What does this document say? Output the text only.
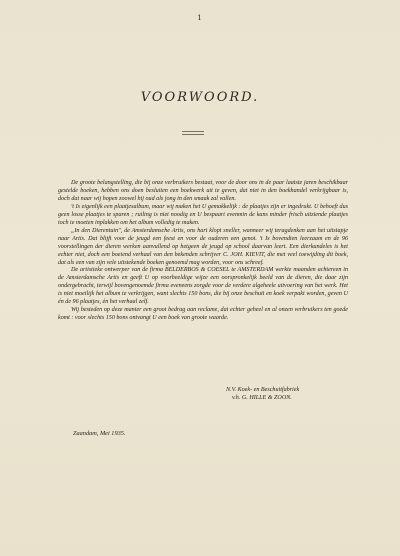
1
VOORWOORD.

De groote belangstelling, die bij onze verbruikers bestaat, voor de door ons in de paar laatste jaren beschikbaar gestelde boeken, hebben ons doen besluiten een boekwerk uit te geven, dat niet in den boekhandel verkrijgbaar is, doch dat naar wij hopen zoowel bij oud als jong in den smaak zal vallen.

't Is eigenlijk een plaatjesalbum, maar wij maken het U gemakkelijk : de plaatjes zijn er ingedrukt. U behoeft dus geen losse plaatjes te sparen ; ruiling is niet noodig en U bespaart evenmin de kans minder frisch uitziende plaatjes toch te moeten inplakken om het album volledig te maken.

„In den Dierentuin", de Amsterdamsche Artis, ons hart klopt sneller, wanneer wij teragdenken aan het uitstapje naar Artis. Dat blijft voor de jeugd een feest en voor de ouderen een genot. 't Is bovendien leerzaam en de 96 voorstellingen der dieren werken aanvullend op hetgeen de jeugd op school daarvan leert. Een dierkundeles is het echter niet, doch een boeiend verhaal van den bekenden schrijver C. JOH. KIEVIT, die met veel toewijding dit boek, dat als een van zijn vele uitstekende boeken genoemd mag worden, voor ons schreef.

De artistieke ontwerper van de firma BELDERBOS & COESEL te AMSTERDAM werkte maanden achtereen in de Amsterdamsche Artis en geeft U op voorbeeldige wijze een oorspronkelijk beeld van de dieren, die daar zijn ondergebracht, terwijl bovengenoemde firma eveneens zorgde voor de verdere algeheele uitvoering van het werk. Het is niet moeilijk het album te verkrijgen, want slechts 150 bons, die bij onze beschuit en koek verpakt worden, geven U én de 96 plaatjes, én het verhaal zelf.

Wij besteden op deze manier een groot bedrag aan reclame, dat echter geheel en al onzen verbruikers ten goede komt : voor slechts 150 bons ontvangt U een boek van groote waarde.

N.V. Koek- en Beschuitfabriek
v.h. G. HILLE & ZOON.
Zaandam, Mei 1935.
